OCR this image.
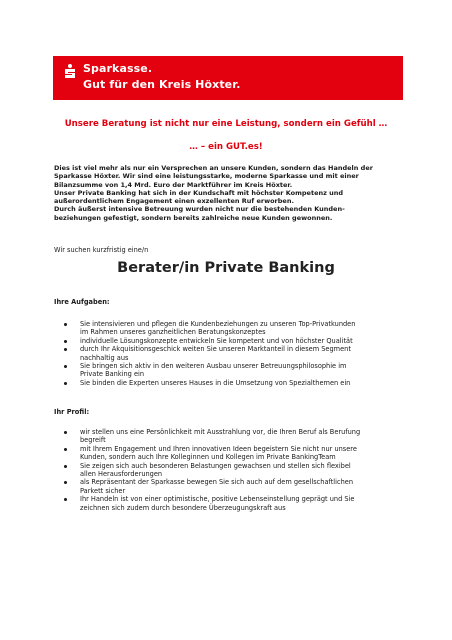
Sparkasse.
Gut für den Kreis Höxter.
Unsere Beratung ist nicht nur eine Leistung, sondern ein Gefühl …
… – ein GUT.es!
Dies ist viel mehr als nur ein Versprechen an unsere Kunden, sondern das Handeln der
Sparkasse Höxter. Wir sind eine leistungsstarke, moderne Sparkasse und mit einer
Bilanzsumme von 1,4 Mrd. Euro der Marktführer im Kreis Höxter.
Unser Private Banking hat sich in der Kundschaft mit höchster Kompetenz und
außerordentlichem Engagement einen exzellenten Ruf erworben.
Durch äußerst intensive Betreuung wurden nicht nur die bestehenden Kunden-
beziehungen gefestigt, sondern bereits zahlreiche neue Kunden gewonnen.
Wir suchen kurzfristig eine/n
Berater/in Private Banking
Ihre Aufgaben:
Sie intensivieren und pflegen die Kundenbeziehungen zu unseren Top-Privatkunden
im Rahmen unseres ganzheitlichen Beratungskonzeptes
individuelle Lösungskonzepte entwickeln Sie kompetent und von höchster Qualität
durch Ihr Akquisitionsgeschick weiten Sie unseren Marktanteil in diesem Segment
nachhaltig aus
Sie bringen sich aktiv in den weiteren Ausbau unserer Betreuungsphilosophie im
Private Banking ein
Sie binden die Experten unseres Hauses in die Umsetzung von Spezialthemen ein
Ihr Profil:
wir stellen uns eine Persönlichkeit mit Ausstrahlung vor, die Ihren Beruf als Berufung
begreift
mit Ihrem Engagement und Ihren innovativen Ideen begeistern Sie nicht nur unsere
Kunden, sondern auch Ihre Kolleginnen und Kollegen im Private BankingTeam
Sie zeigen sich auch besonderen Belastungen gewachsen und stellen sich flexibel
allen Herausforderungen
als Repräsentant der Sparkasse bewegen Sie sich auch auf dem gesellschaftlichen
Parkett sicher
Ihr Handeln ist von einer optimistische, positive Lebenseinstellung geprägt und Sie
zeichnen sich zudem durch besondere Überzeugungskraft aus
